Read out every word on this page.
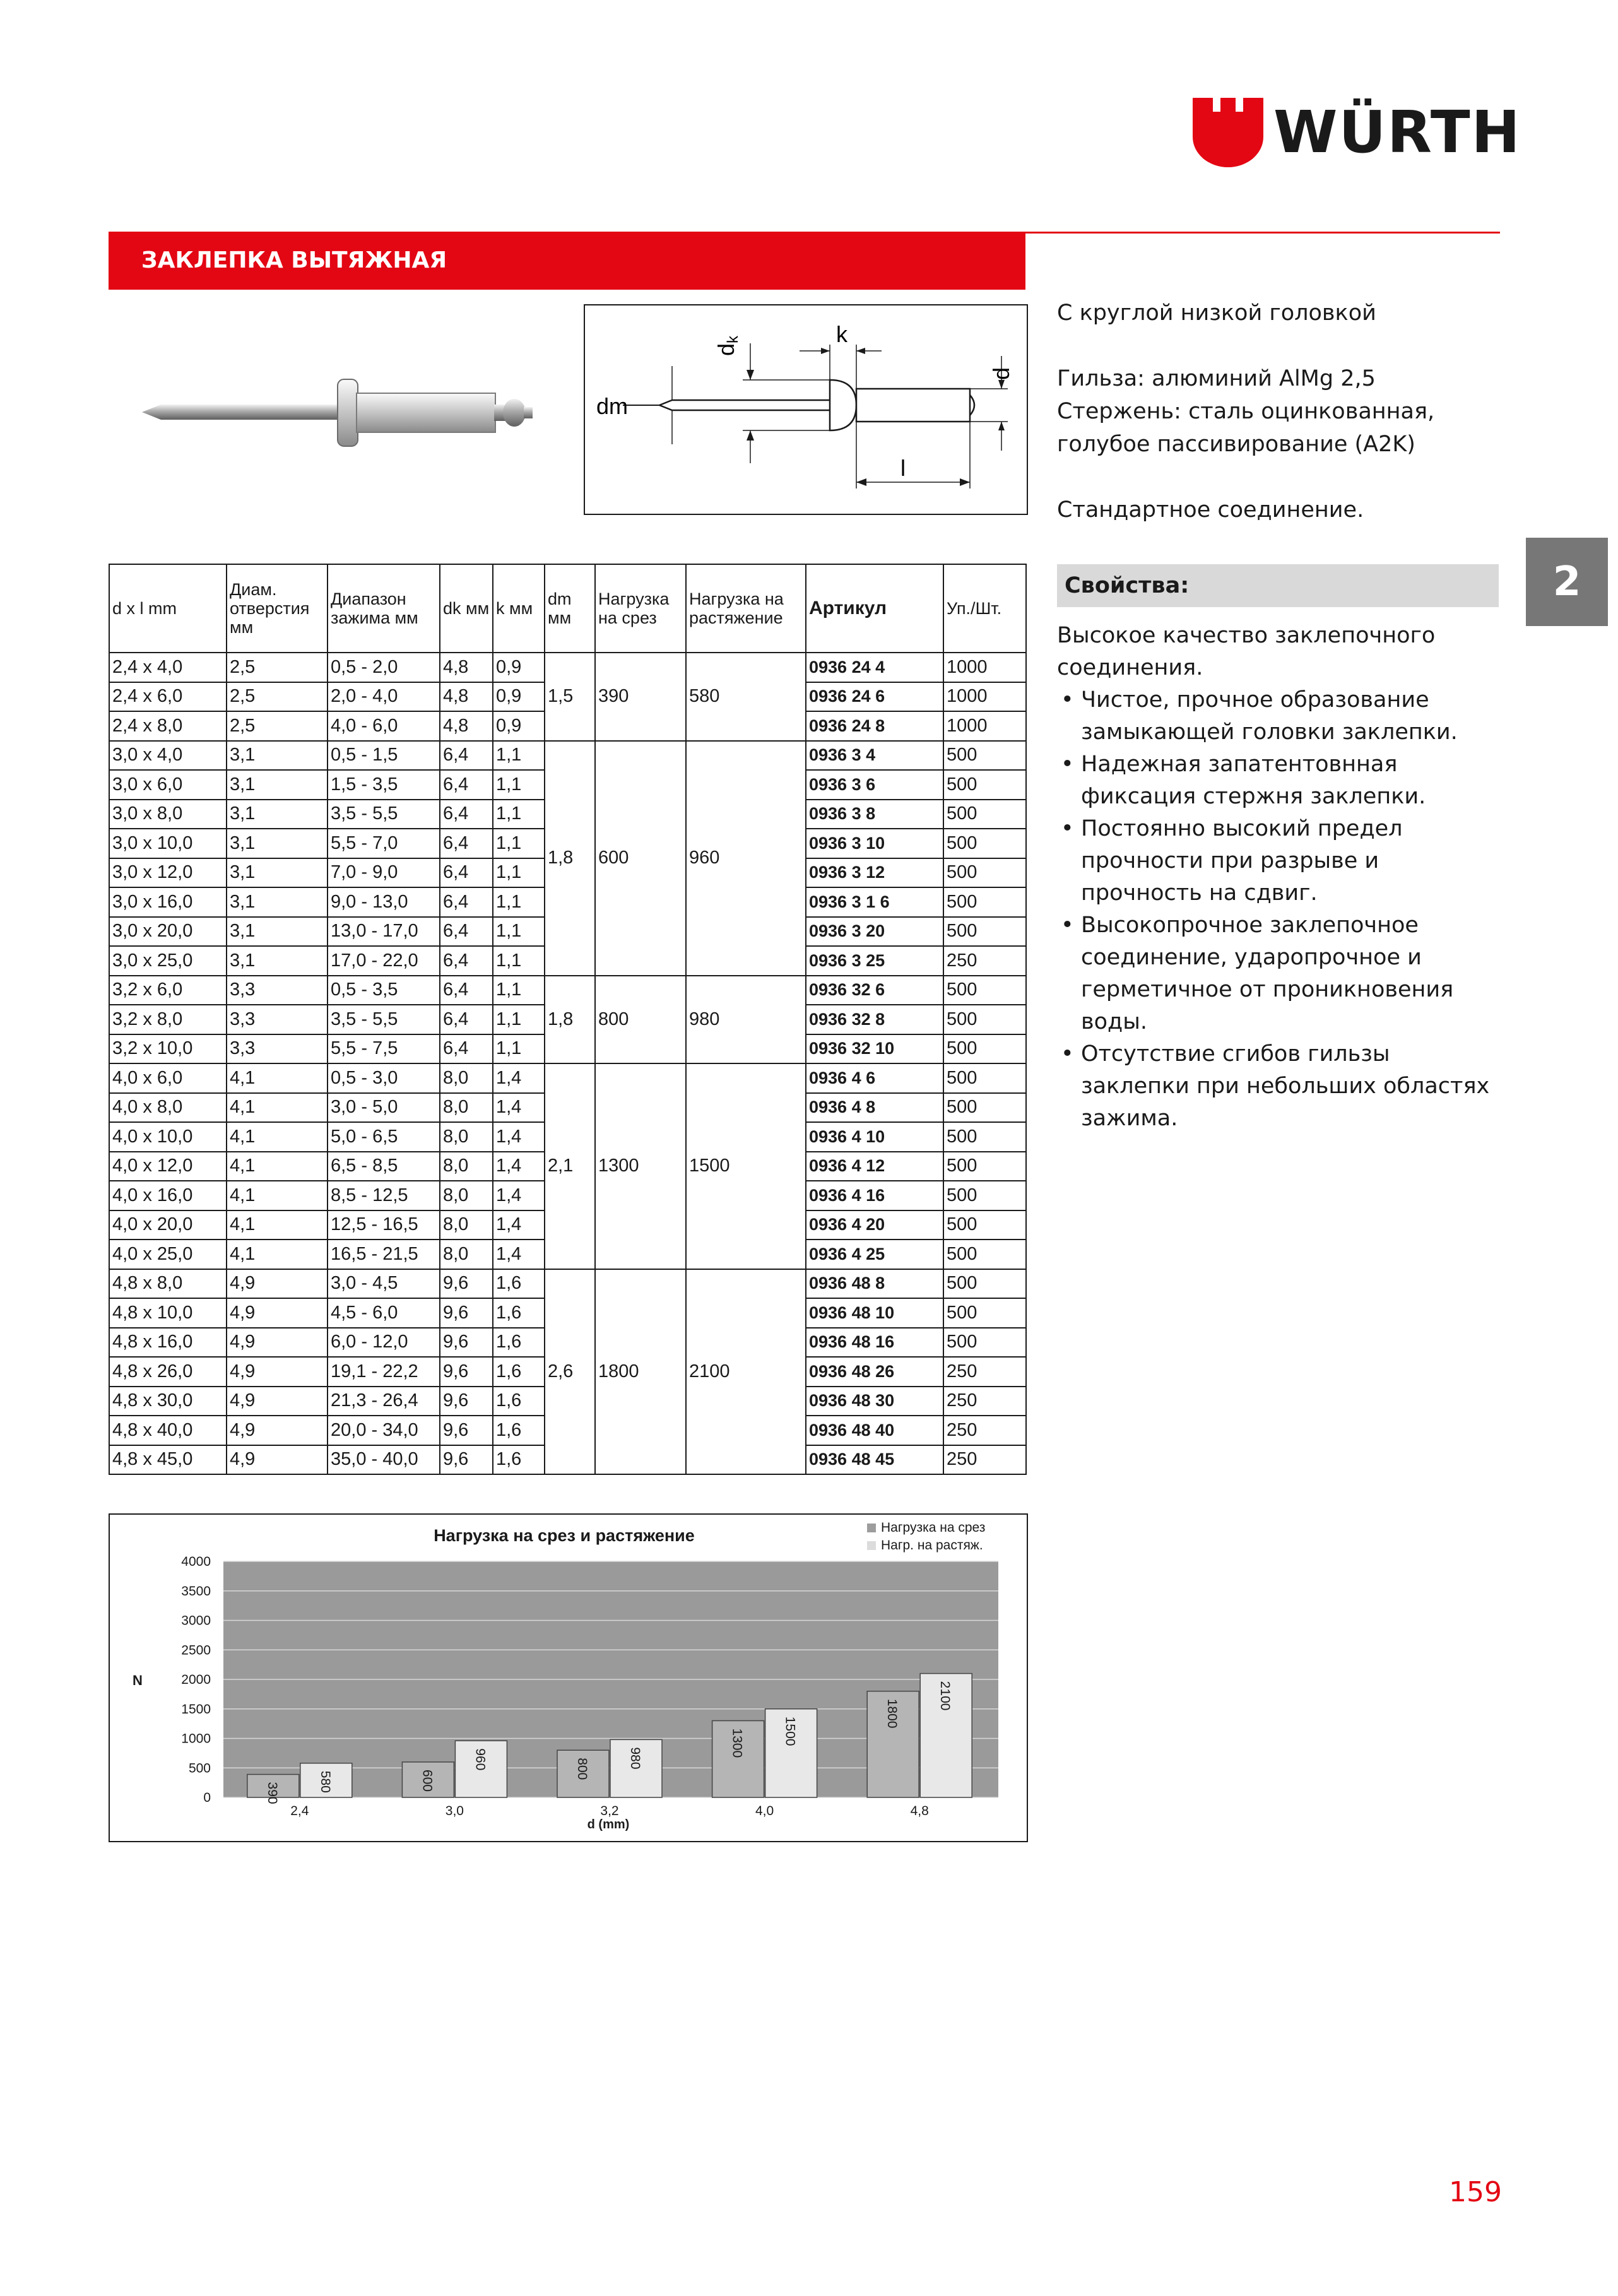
WÜRTH
ЗАКЛЕПКА ВЫТЯЖНАЯ
dk	k
d
dm
l

С круглой низкой головкой

Гильза: алюминий AlMg 2,5

Стержень: сталь оцинкованная,

голубое пассивирование (A2K)

Стандартное соединение.

Свойства:
Высокое качество заклепочного соединения.
• Чистое, прочное образование замыкающей головки заклепки.
• Надежная запатентовнная фиксация стержня заклепки.
• Постоянно высокий предел прочности при разрыве и прочность на сдвиг.
• Высокопрочное заклепочное соединение, ударопрочное и герметичное от проникновения воды.
• Отсутствие сгибов гильзы заклепки при небольших областях зажима.
2
d x l mm	Диам. отверстия мм	Диапазон зажима мм	dk мм	k мм	dm мм	Нагрузка на срез	Нагрузка на растяжение	Артикул	Уп./Шт.
2,4 x 4,0	2,5	0,5 - 2,0	4,8	0,9	1,5	390	580	0936 24 4	1000
2,4 x 6,0	2,5	2,0 - 4,0	4,8	0,9				0936 24 6	1000
2,4 x 8,0	2,5	4,0 - 6,0	4,8	0,9				0936 24 8	1000
3,0 x 4,0	3,1	0,5 - 1,5	6,4	1,1	1,8	600	960	0936 3 4	500
3,0 x 6,0	3,1	1,5 - 3,5	6,4	1,1				0936 3 6	500
3,0 x 8,0	3,1	3,5 - 5,5	6,4	1,1				0936 3 8	500
3,0 x 10,0	3,1	5,5 - 7,0	6,4	1,1				0936 3 10	500
3,0 x 12,0	3,1	7,0 - 9,0	6,4	1,1				0936 3 12	500
3,0 x 16,0	3,1	9,0 - 13,0	6,4	1,1				0936 3 1 6	500
3,0 x 20,0	3,1	13,0 - 17,0	6,4	1,1				0936 3 20	500
3,0 x 25,0	3,1	17,0 - 22,0	6,4	1,1				0936 3 25	250
3,2 x 6,0	3,3	0,5 - 3,5	6,4	1,1	1,8	800	980	0936 32 6	500
3,2 x 8,0	3,3	3,5 - 5,5	6,4	1,1				0936 32 8	500
3,2 x 10,0	3,3	5,5 - 7,5	6,4	1,1				0936 32 10	500
4,0 x 6,0	4,1	0,5 - 3,0	8,0	1,4	2,1	1300	1500	0936 4 6	500
4,0 x 8,0	4,1	3,0 - 5,0	8,0	1,4				0936 4 8	500
4,0 x 10,0	4,1	5,0 - 6,5	8,0	1,4				0936 4 10	500
4,0 x 12,0	4,1	6,5 - 8,5	8,0	1,4				0936 4 12	500
4,0 x 16,0	4,1	8,5 - 12,5	8,0	1,4				0936 4 16	500
4,0 x 20,0	4,1	12,5 - 16,5	8,0	1,4				0936 4 20	500
4,0 x 25,0	4,1	16,5 - 21,5	8,0	1,4				0936 4 25	500
4,8 x 8,0	4,9	3,0 - 4,5	9,6	1,6	2,6	1800	2100	0936 48 8	500
4,8 x 10,0	4,9	4,5 - 6,0	9,6	1,6				0936 48 10	500
4,8 x 16,0	4,9	6,0 - 12,0	9,6	1,6				0936 48 16	500
4,8 x 26,0	4,9	19,1 - 22,2	9,6	1,6				0936 48 26	250
4,8 x 30,0	4,9	21,3 - 26,4	9,6	1,6				0936 48 30	250
4,8 x 40,0	4,9	20,0 - 34,0	9,6	1,6				0936 48 40	250
4,8 x 45,0	4,9	35,0 - 40,0	9,6	1,6				0936 48 45	250
0
500
1000
1500
2000
2500
3000
3500
4000
Нагрузка на срез и растяжение
N
d (mm)
Нагрузка на срез
Нагр. на растяж.
2,4
390
580
3,0
600
960
3,2
800	980
4,0
1300	1500
4,8
1800
2100
159
